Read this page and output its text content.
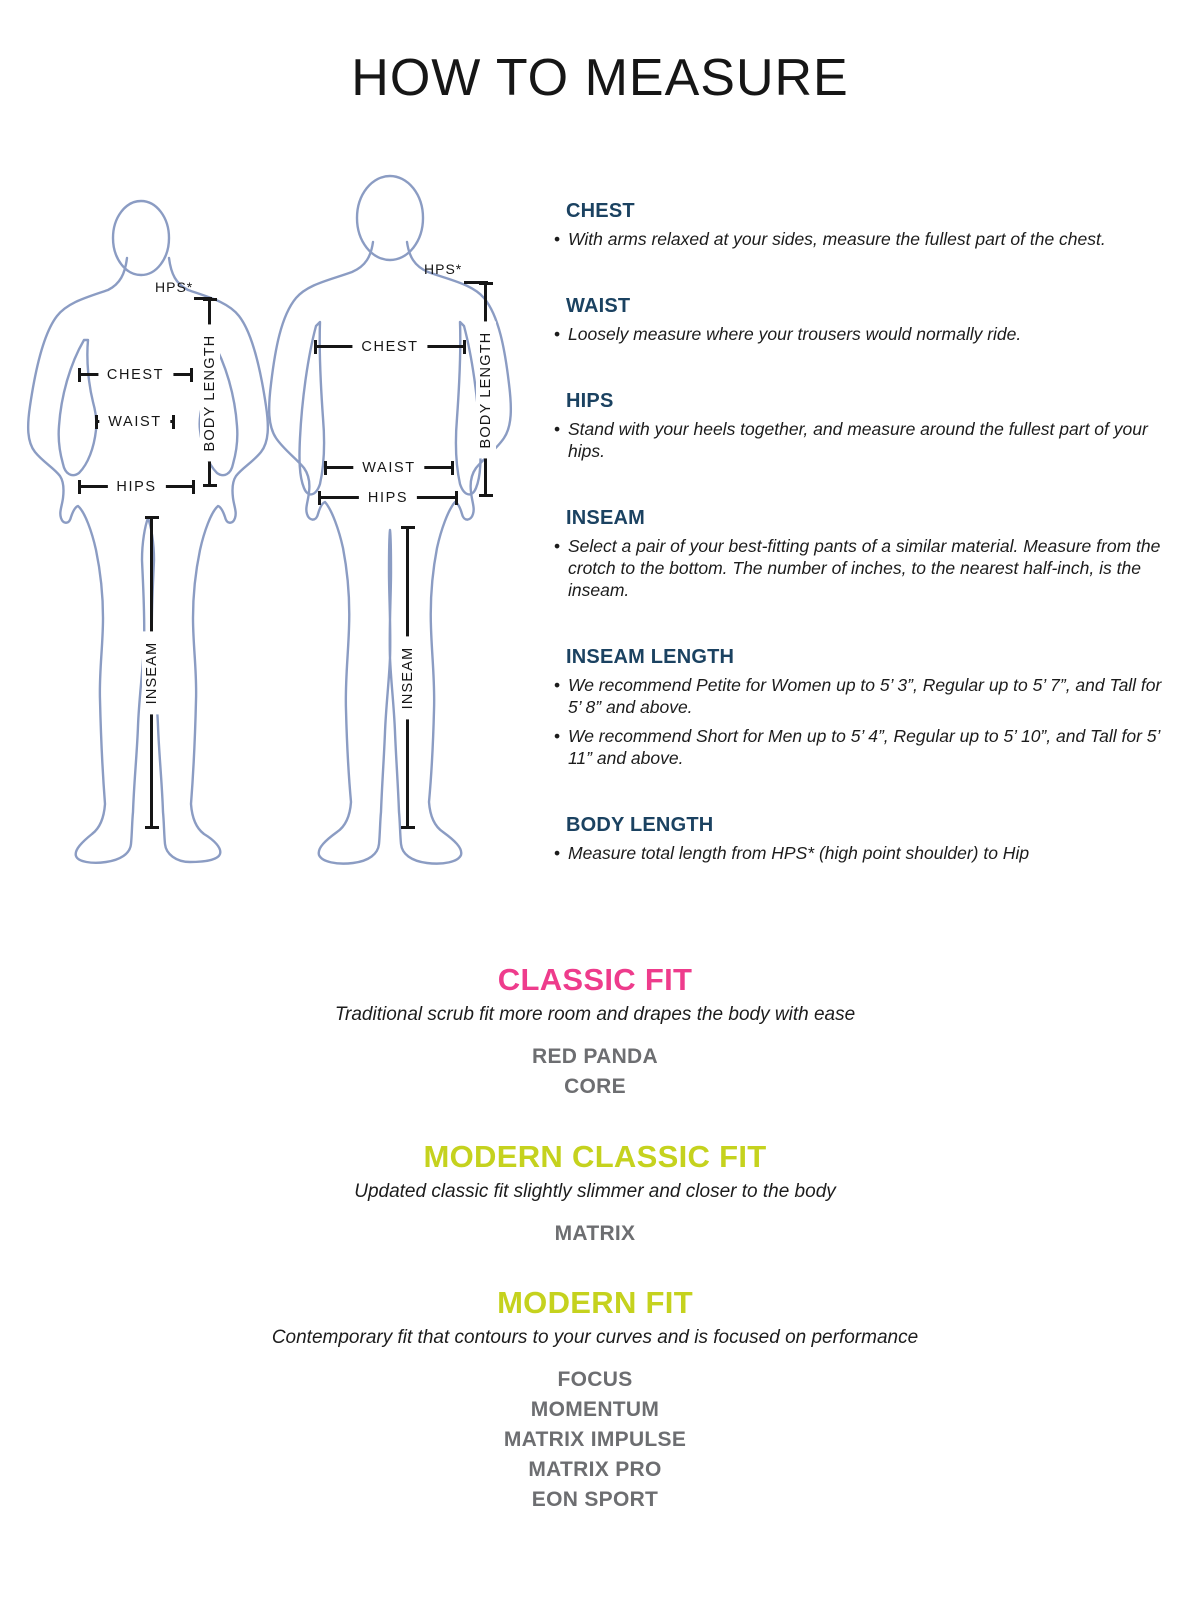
HOW TO MEASURE
HPS*
BODY LENGTH
CHEST
WAIST
HIPS
INSEAM
HPS*
BODY LENGTH
CHEST
WAIST
HIPS
INSEAM
CHEST
• With arms relaxed at your sides, measure the fullest part of the chest.
WAIST
• Loosely measure where your trousers would normally ride.
HIPS
• Stand with your heels together, and measure around the fullest part of your hips.
INSEAM
• Select a pair of your best-fitting pants of a similar material. Measure from the crotch to the bottom. The number of inches, to the nearest half-inch, is the inseam.
INSEAM LENGTH
• We recommend Petite for Women up to 5’ 3”, Regular up to 5’ 7”, and Tall for 5’ 8” and above.
• We recommend Short for Men up to 5’ 4”, Regular up to 5’ 10”, and Tall for 5’ 11” and above.
BODY LENGTH
• Measure total length from HPS* (high point shoulder) to Hip
CLASSIC FIT
Traditional scrub fit more room and drapes the body with ease
RED PANDA
CORE
MODERN CLASSIC FIT
Updated classic fit slightly slimmer and closer to the body
MATRIX
MODERN FIT
Contemporary fit that contours to your curves and is focused on performance
FOCUS
MOMENTUM
MATRIX IMPULSE
MATRIX PRO
EON SPORT
